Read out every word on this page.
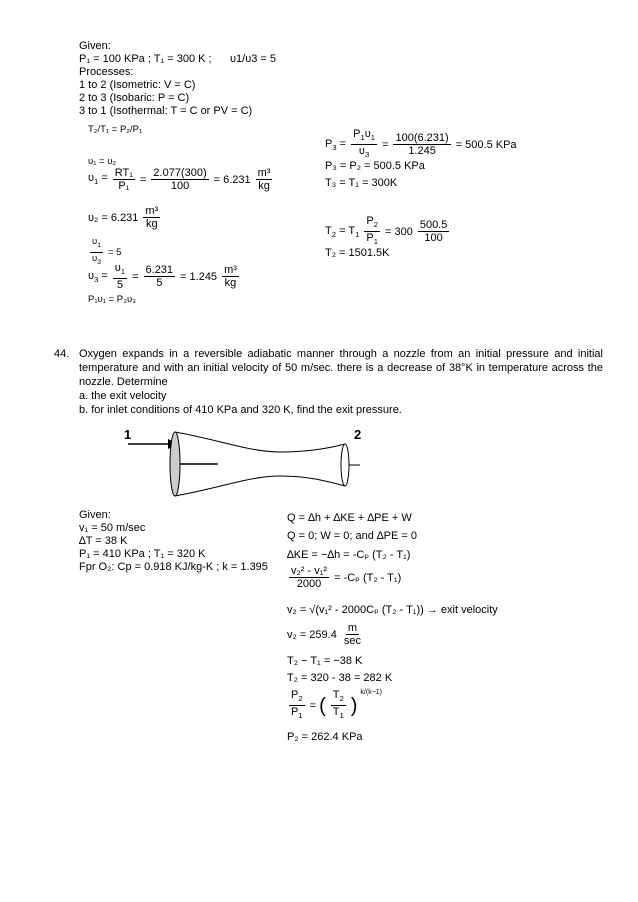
Given:
P₁ = 100 KPa ; T₁ = 300 K ; υ1/υ3 = 5
Processes:
1 to 2 (Isometric: V = C)
2 to 3 (Isobaric: P = C)
3 to 1 (Isothermal: T = C or PV = C)
T₂/T₁ = P₂/P₁
υ₁ = υ₂
$\upsilon_1 = \frac{\text{RT₁}}{\text{P₁}} = \frac{2.077(300)}{100} = 6.231 \frac{\text{m³}}{kg}$
$\upsilon_2 = 6.231 \frac{\text{m³}}{kg}$
$\frac{\upsilon_1}{\upsilon_3} = 5$
$\upsilon_3 = \frac{\upsilon_1}{5} = \frac{6.231}{5} = 1.245 \frac{\text{m³}}{kg}$
P₁υ₁ = P₃υ₃
$P_3 = \frac{P_1\upsilon_1}{\upsilon_3} = \frac{100(6.231)}{1.245} = 500.5$ KPa
P₃ = P₂ = 500.5 KPa
T₃ = T₁ = 300K
$T_2 = T_1 \frac{P_2}{P_1} = 300 \frac{500.5}{100}$
T₂ = 1501.5K
44. Oxygen expands in a reversible adiabatic manner through a nozzle from an initial pressure and initial
temperature and with an initial velocity of 50 m/sec. there is a decrease of 38°K in temperature across the
nozzle. Determine
a. the exit velocity
b. for inlet conditions of 410 KPa and 320 K, find the exit pressure.
1	2
Given:
v₁ = 50 m/sec
∆T = 38 K
P₁ = 410 KPa ; T₁ = 320 K
Fpr O₂: Cp = 0.918 KJ/kg-K ; k = 1.395
Q = ∆h + ∆KE + ∆PE + W
Q = 0; W = 0; and ∆PE = 0
∆KE = −∆h = -Cₚ (T₂ - T₁)
$\frac{\text{v₂² - v₁²}}{2000} = -C_p$ (T₂ - T₁)
v₂ = √(v₁² - 2000Cₚ (T₂ - T₁)) → exit velocity
$v_2 = 259.4 \frac{m}{\sec}$
T₂ − T₁ = −38 K
T₂ = 320 - 38 = 282 K
$\frac{P_2}{P_1}$ = ( $\frac{T_2}{T_1}$ )
k/(k−1)
P₂ = 262.4 KPa
